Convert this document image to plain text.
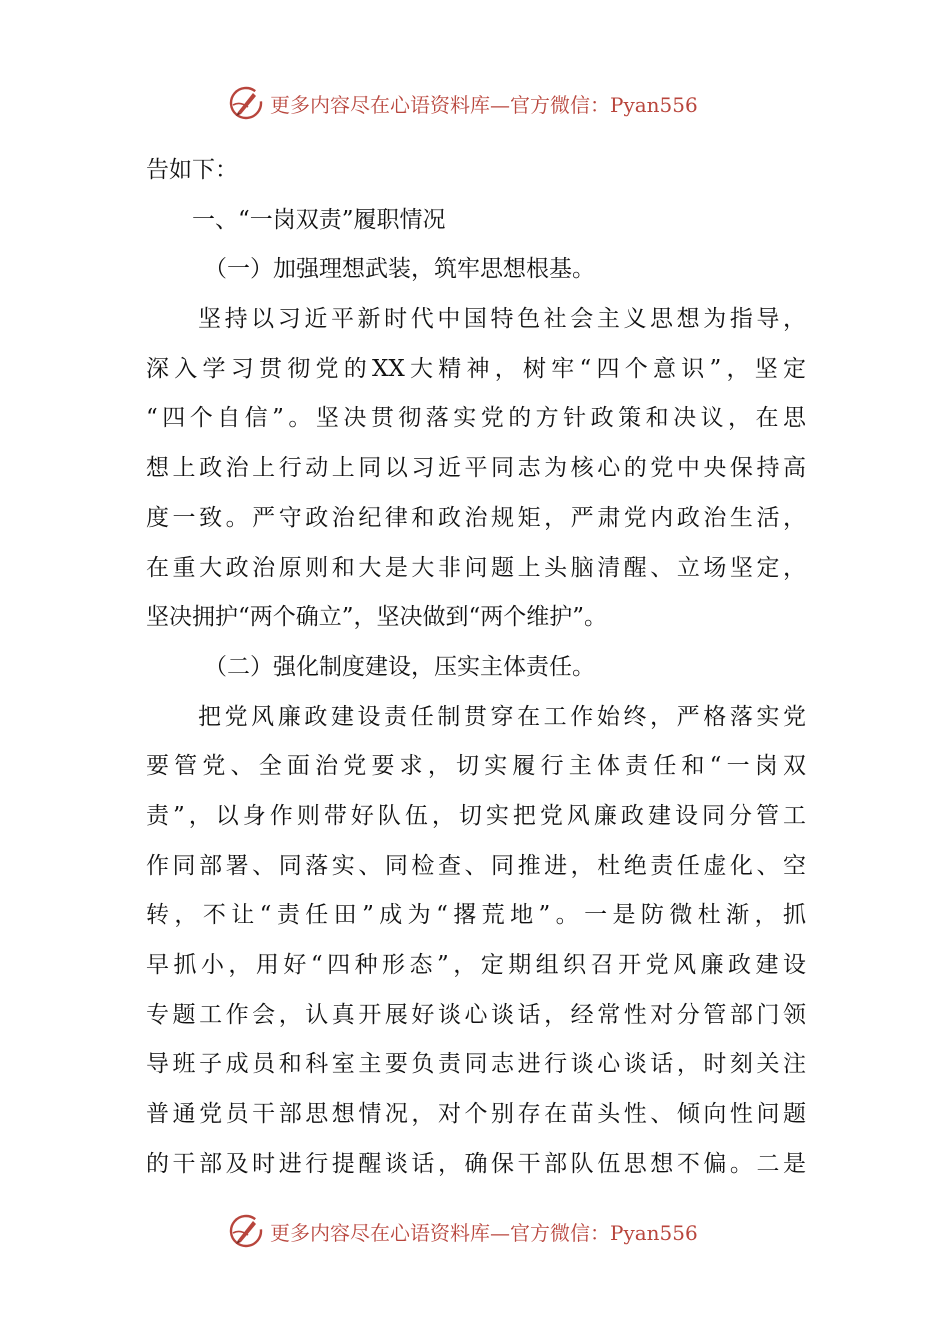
更多内容尽在心语资料库—官方微信：Pyan556
告如下：
一、“一岗双责”履职情况
（一）加强理想武装，筑牢思想根基。
坚持以习近平新时代中国特色社会主义思想为指导，
深入学习贯彻党的XX大精神，树牢“四个意识”，坚定
“四个自信”。坚决贯彻落实党的方针政策和决议，在思
想上政治上行动上同以习近平同志为核心的党中央保持高
度一致。严守政治纪律和政治规矩，严肃党内政治生活，
在重大政治原则和大是大非问题上头脑清醒、立场坚定，
坚决拥护“两个确立”，坚决做到“两个维护”。
（二）强化制度建设，压实主体责任。
把党风廉政建设责任制贯穿在工作始终，严格落实党
要管党、全面治党要求，切实履行主体责任和“一岗双
责”，以身作则带好队伍，切实把党风廉政建设同分管工
作同部署、同落实、同检查、同推进，杜绝责任虚化、空
转，不让“责任田”成为“撂荒地”。一是防微杜渐，抓
早抓小，用好“四种形态”，定期组织召开党风廉政建设
专题工作会，认真开展好谈心谈话，经常性对分管部门领
导班子成员和科室主要负责同志进行谈心谈话，时刻关注
普通党员干部思想情况，对个别存在苗头性、倾向性问题
的干部及时进行提醒谈话，确保干部队伍思想不偏。二是
更多内容尽在心语资料库—官方微信：Pyan556
